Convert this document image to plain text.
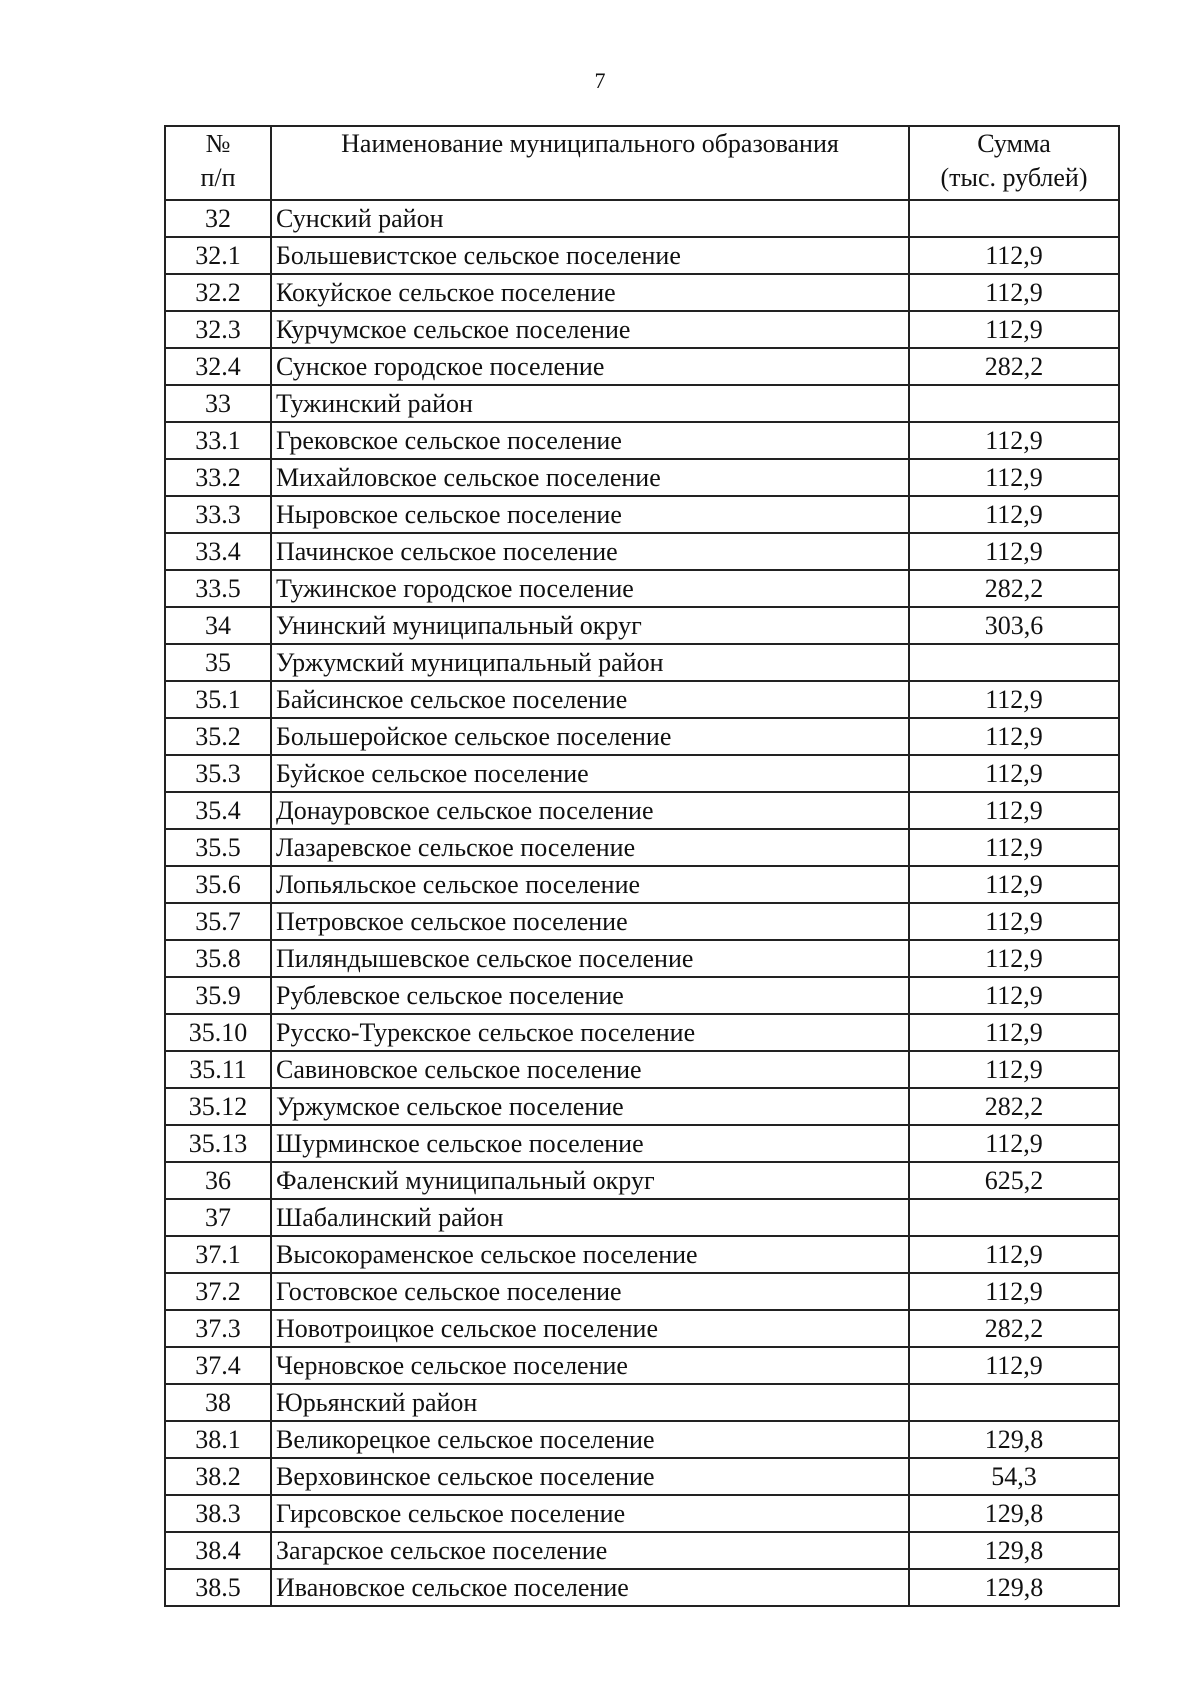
7
№
п/п	Наименование муниципального образования	Сумма
(тыс. рублей)
32	Сунский район	
32.1	Большевистское сельское поселение	112,9
32.2	Кокуйское сельское поселение	112,9
32.3	Курчумское сельское поселение	112,9
32.4	Сунское городское поселение	282,2
33	Тужинский район	
33.1	Грековское сельское поселение	112,9
33.2	Михайловское сельское поселение	112,9
33.3	Ныровское сельское поселение	112,9
33.4	Пачинское сельское поселение	112,9
33.5	Тужинское городское поселение	282,2
34	Унинский муниципальный округ	303,6
35	Уржумский муниципальный район	
35.1	Байсинское сельское поселение	112,9
35.2	Большеройское сельское поселение	112,9
35.3	Буйское сельское поселение	112,9
35.4	Донауровское сельское поселение	112,9
35.5	Лазаревское сельское поселение	112,9
35.6	Лопьяльское сельское поселение	112,9
35.7	Петровское сельское поселение	112,9
35.8	Пиляндышевское сельское поселение	112,9
35.9	Рублевское сельское поселение	112,9
35.10	Русско-Турекское сельское поселение	112,9
35.11	Савиновское сельское поселение	112,9
35.12	Уржумское сельское поселение	282,2
35.13	Шурминское сельское поселение	112,9
36	Фаленский муниципальный округ	625,2
37	Шабалинский район	
37.1	Высокораменское сельское поселение	112,9
37.2	Гостовское сельское поселение	112,9
37.3	Новотроицкое сельское поселение	282,2
37.4	Черновское сельское поселение	112,9
38	Юрьянский район	
38.1	Великорецкое сельское поселение	129,8
38.2	Верховинское сельское поселение	54,3
38.3	Гирсовское сельское поселение	129,8
38.4	Загарское сельское поселение	129,8
38.5	Ивановское сельское поселение	129,8
